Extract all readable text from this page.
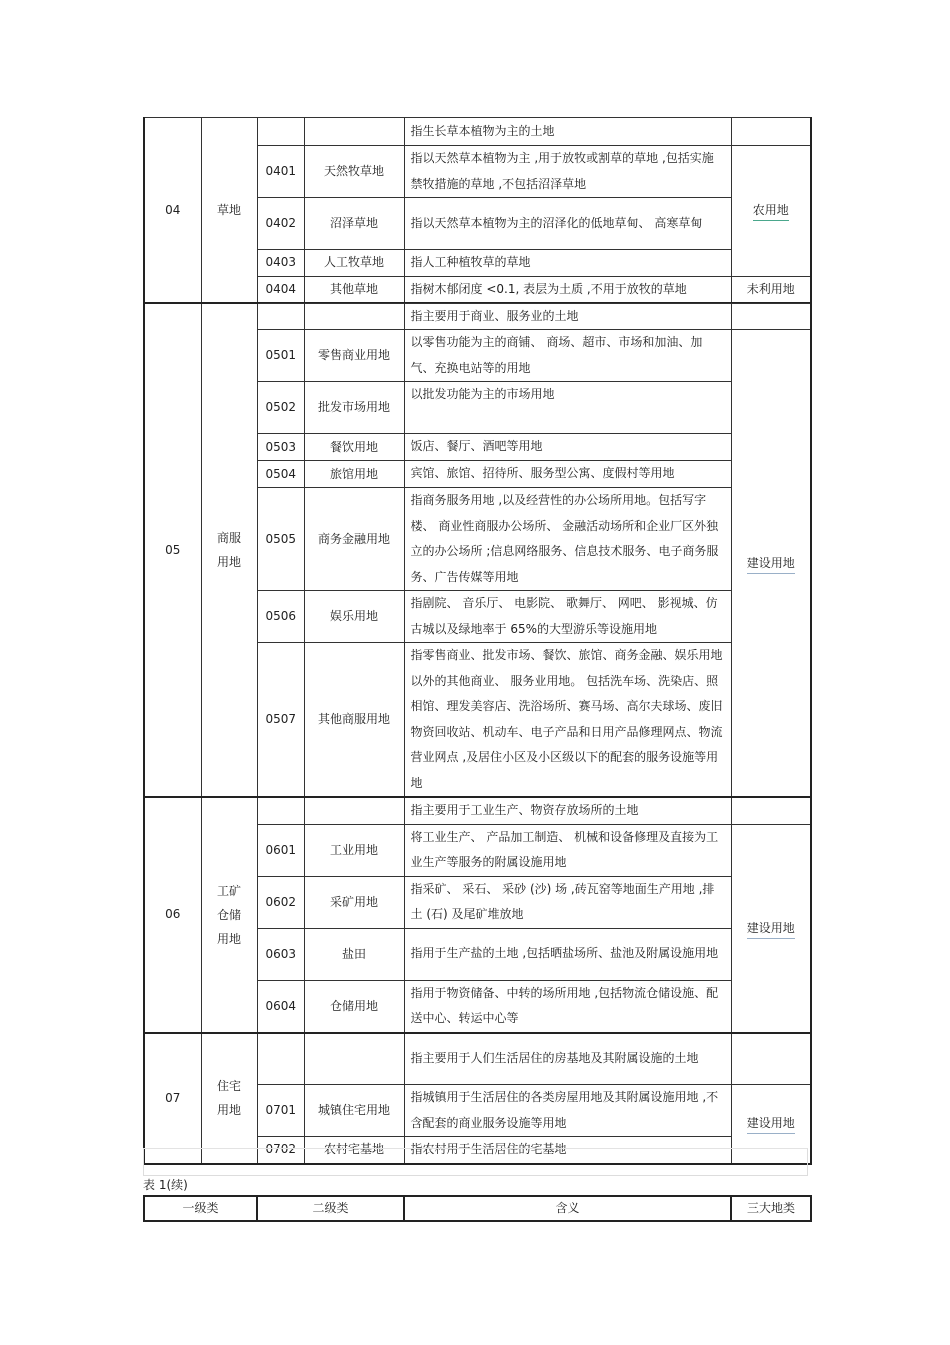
04	草地			指生长草本植物为主的土地	
		0401	天然牧草地	指以天然草本植物为主 ,用于放牧或割草的草地 ,包括实施禁牧措施的草地 ,不包括沼泽草地	农用地
		0402	沼泽草地	指以天然草本植物为主的沼泽化的低地草甸、 高寒草甸	
		0403	人工牧草地	指人工种植牧草的草地	
		0404	其他草地	指树木郁闭度 <0.1, 表层为土质 ,不用于放牧的草地	未利用地

05	商服用地			指主要用于商业、服务业的土地	
		0501	零售商业用地	以零售功能为主的商铺、 商场、超市、市场和加油、加气、充换电站等的用地	建设用地
		0502	批发市场用地	以批发功能为主的市场用地	
		0503	餐饮用地	饭店、餐厅、酒吧等用地	
		0504	旅馆用地	宾馆、旅馆、招待所、服务型公寓、度假村等用地	
		0505	商务金融用地	指商务服务用地 ,以及经营性的办公场所用地。包括写字楼、 商业性商服办公场所、 金融活动场所和企业厂区外独立的办公场所 ;信息网络服务、信息技术服务、电子商务服务、广告传媒等用地	
		0506	娱乐用地	指剧院、 音乐厅、 电影院、 歌舞厅、 网吧、 影视城、仿古城以及绿地率于 65%的大型游乐等设施用地	
		0507	其他商服用地	指零售商业、批发市场、餐饮、旅馆、商务金融、娱乐用地以外的其他商业、 服务业用地。 包括洗车场、洗染店、照相馆、理发美容店、洗浴场所、赛马场、高尔夫球场、废旧物资回收站、机动车、电子产品和日用产品修理网点、物流营业网点 ,及居住小区及小区级以下的配套的服务设施等用地	
06	工矿仓储用地			指主要用于工业生产、物资存放场所的土地	
		0601	工业用地	将工业生产、 产品加工制造、 机械和设备修理及直接为工业生产等服务的附属设施用地	建设用地
		0602	采矿用地	指采矿、 采石、 采砂 (沙) 场 ,砖瓦窑等地面生产用地 ,排土 (石) 及尾矿堆放地	
		0603	盐田	指用于生产盐的土地 ,包括晒盐场所、盐池及附属设施用地	
		0604	仓储用地	指用于物资储备、中转的场所用地 ,包括物流仓储设施、配送中心、转运中心等	
07	住宅用地			指主要用于人们生活居住的房基地及其附属设施的土地	
		0701	城镇住宅用地	指城镇用于生活居住的各类房屋用地及其附属设施用地 ,不含配套的商业服务设施等用地	建设用地
		0702	农村宅基地	指农村用于生活居住的宅基地	
表 1(续)
一级类	二级类	含义	三大地类
